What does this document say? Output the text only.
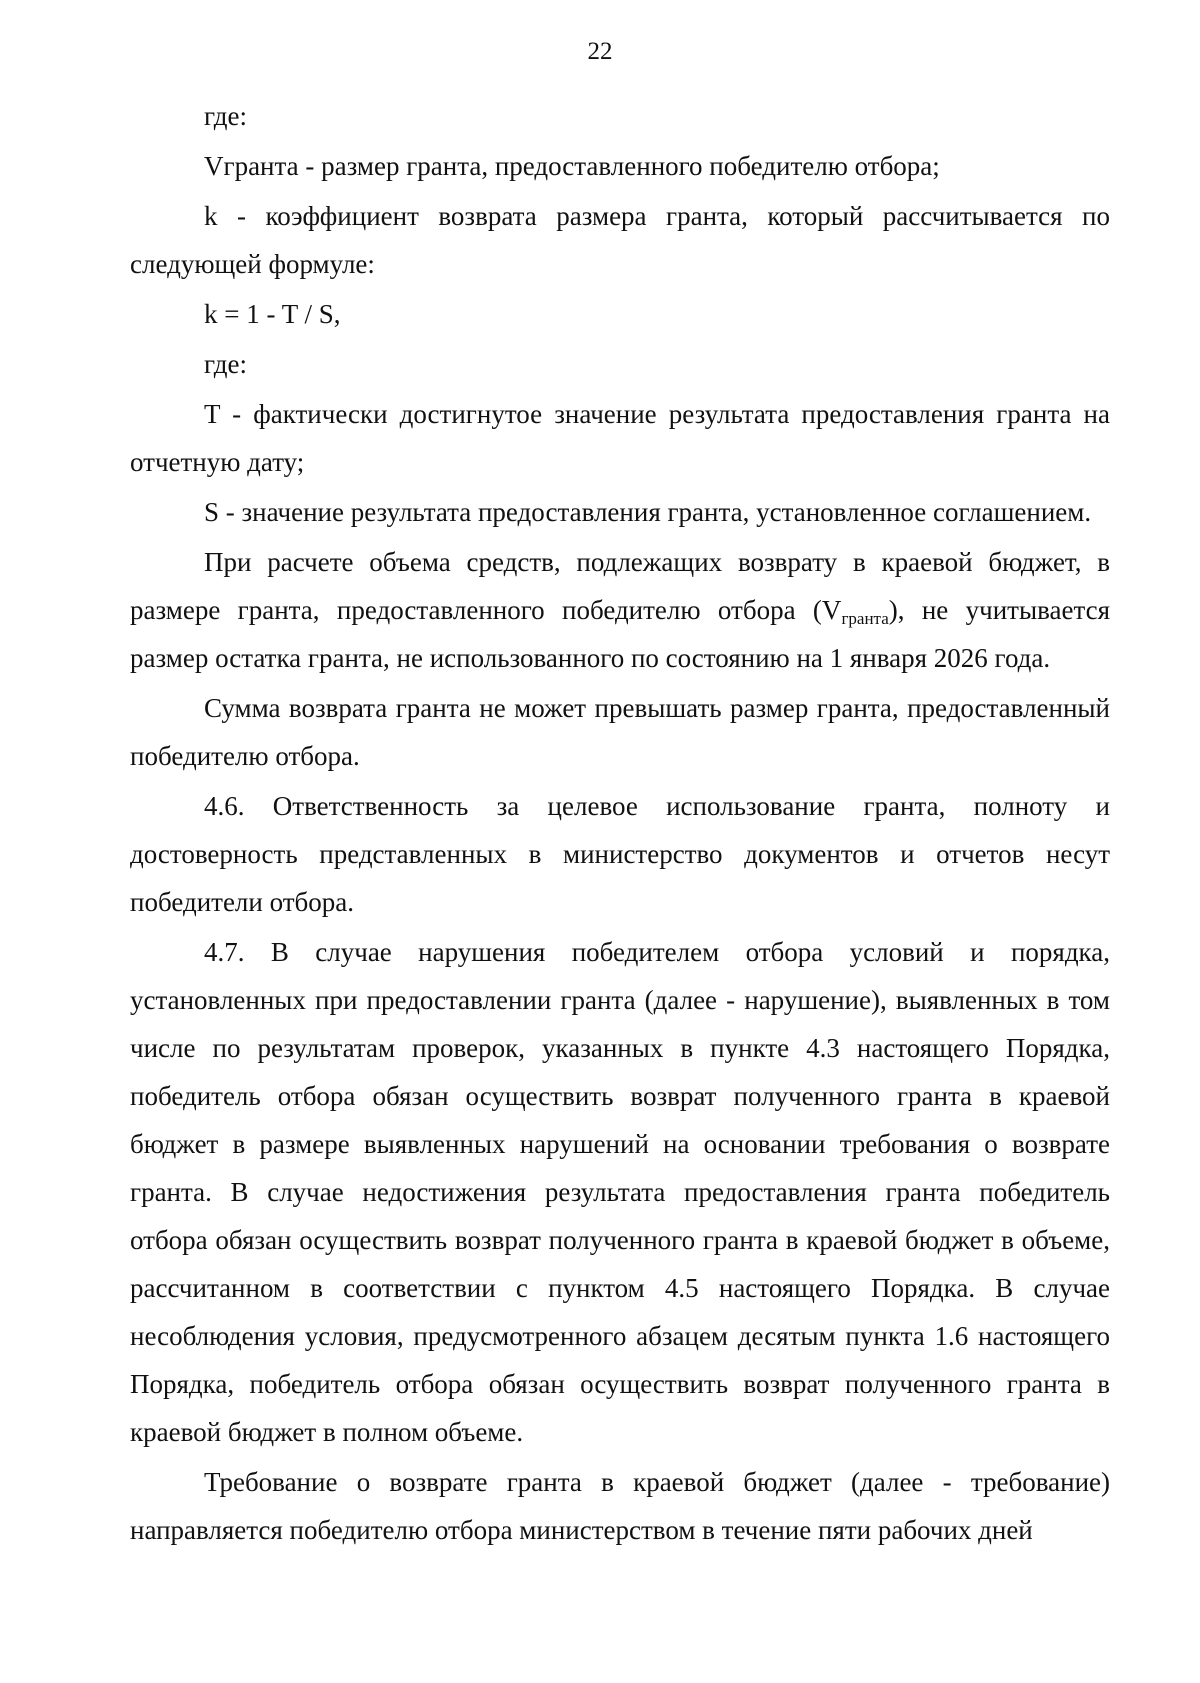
22

где:

Vгранта - размер гранта, предоставленного победителю отбора;

k - коэффициент возврата размера гранта, который рассчитывается по следующей формуле:

k = 1 - T / S,

где:

T - фактически достигнутое значение результата предоставления гранта на отчетную дату;

S - значение результата предоставления гранта, установленное соглашением.

При расчете объема средств, подлежащих возврату в краевой бюджет, в размере гранта, предоставленного победителю отбора $(V_{гранта})$, не учитывается размер остатка гранта, не использованного по состоянию на 1 января 2026 года.

Сумма возврата гранта не может превышать размер гранта, предоставленный победителю отбора.

4.6. Ответственность за целевое использование гранта, полноту и достоверность представленных в министерство документов и отчетов несут победители отбора.

4.7. В случае нарушения победителем отбора условий и порядка, установленных при предоставлении гранта (далее - нарушение), выявленных в том числе по результатам проверок, указанных в пункте 4.3 настоящего Порядка, победитель отбора обязан осуществить возврат полученного гранта в краевой бюджет в размере выявленных нарушений на основании требования о возврате гранта. В случае недостижения результата предоставления гранта победитель отбора обязан осуществить возврат полученного гранта в краевой бюджет в объеме, рассчитанном в соответствии с пунктом 4.5 настоящего Порядка. В случае несоблюдения условия, предусмотренного абзацем десятым пункта 1.6 настоящего Порядка, победитель отбора обязан осуществить возврат полученного гранта в краевой бюджет в полном объеме.

Требование о возврате гранта в краевой бюджет (далее - требование) направляется победителю отбора министерством в течение пяти рабочих дней
